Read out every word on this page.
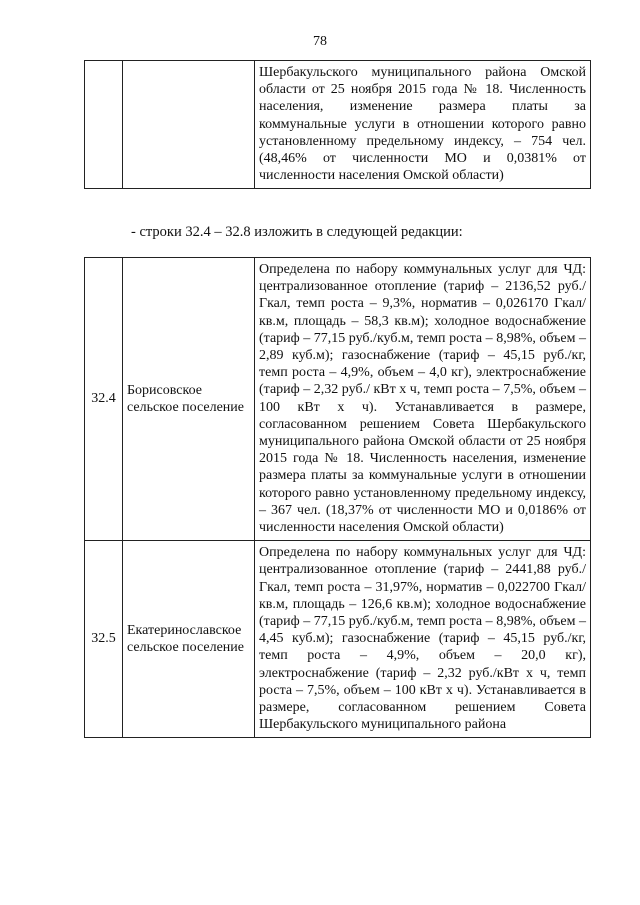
78
		Шербакульского муниципального района Омской области от 25 ноября 2015 года № 18. Численность населения, изменение размера платы за коммунальные услуги в отношении которого равно установленному предельному индексу, – 754 чел. (48,46% от численности МО и 0,0381% от численности населения Омской области)
- строки 32.4 – 32.8 изложить в следующей редакции:
32.4	Борисовское сельское поселение	Определена по набору коммунальных услуг для ЧД: централизованное отопление (тариф – 2136,52 руб./Гкал, темп роста – 9,3%, норматив – 0,026170 Гкал/кв.м, площадь – 58,3 кв.м); холодное водоснабжение (тариф – 77,15 руб./куб.м, темп роста – 8,98%, объем – 2,89 куб.м); газоснабжение (тариф – 45,15 руб./кг, темп роста – 4,9%, объем – 4,0 кг), электроснабжение (тариф – 2,32 руб./ кВт х ч, темп роста – 7,5%, объем – 100 кВт х ч). Устанавливается в размере, согласованном решением Совета Шербакульского муниципального района Омской области от 25 ноября 2015 года № 18. Численность населения, изменение размера платы за коммунальные услуги в отношении которого равно установленному предельному индексу, – 367 чел. (18,37% от численности МО и 0,0186% от численности населения Омской области)
32.5	Екатеринославское сельское поселение	Определена по набору коммунальных услуг для ЧД: централизованное отопление (тариф – 2441,88 руб./Гкал, темп роста – 31,97%, норматив – 0,022700 Гкал/кв.м, площадь – 126,6 кв.м); холодное водоснабжение (тариф – 77,15 руб./куб.м, темп роста – 8,98%, объем – 4,45 куб.м); газоснабжение (тариф – 45,15 руб./кг, темп роста – 4,9%, объем – 20,0 кг), электроснабжение (тариф – 2,32 руб./кВт х ч, темп роста – 7,5%, объем – 100 кВт х ч). Устанавливается в размере, согласованном решением Совета Шербакульского муниципального района
